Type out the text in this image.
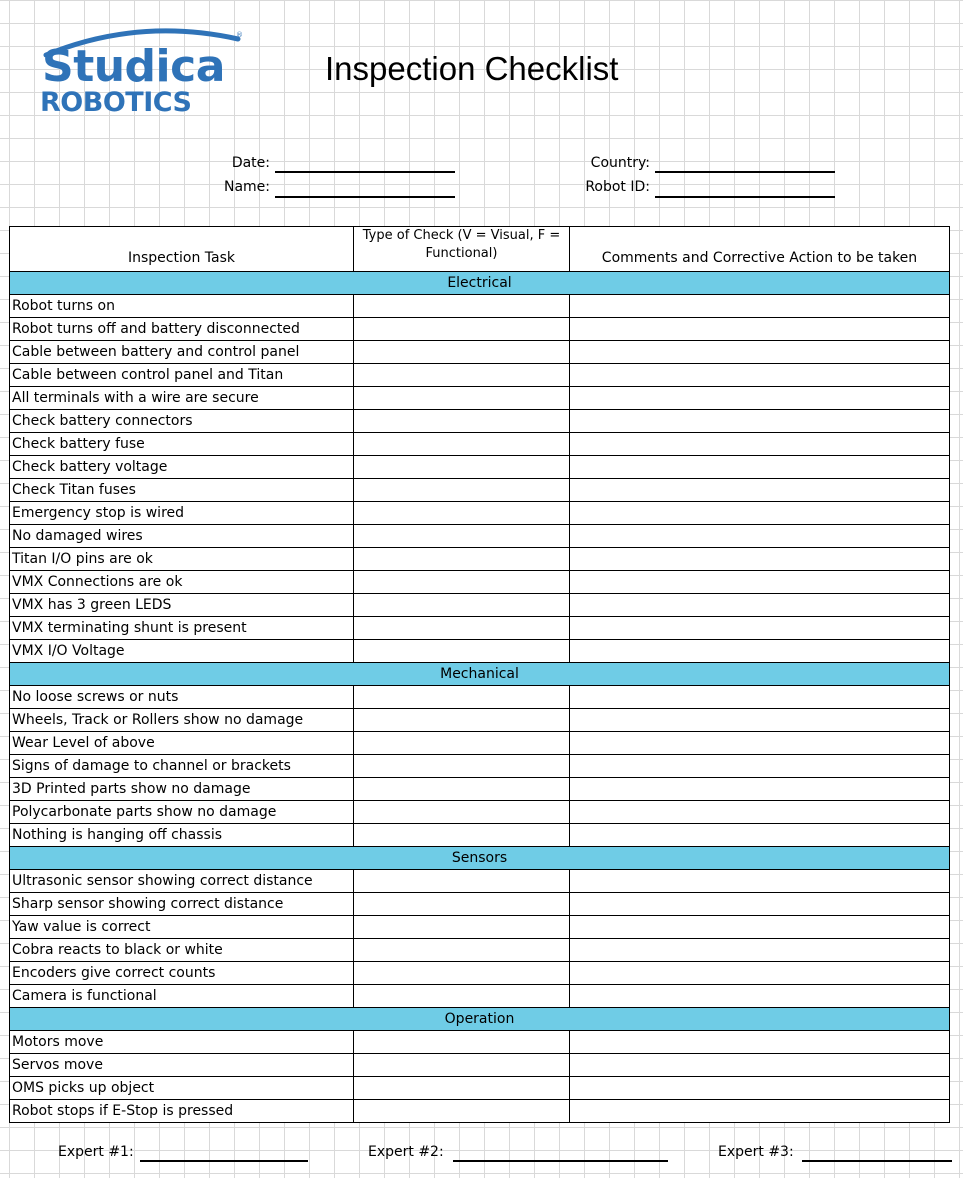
®
Studica
ROBOTICS
Inspection Checklist
Date:
Name:
Country:
Robot ID:
Inspection Task	Type of Check (V = Visual, F = Functional)	Comments and Corrective Action to be taken
Electrical		
Robot turns on		
Robot turns off and battery disconnected		
Cable between battery and control panel		
Cable between control panel and Titan		
All terminals with a wire are secure		
Check battery connectors		
Check battery fuse		
Check battery voltage		
Check Titan fuses		
Emergency stop is wired		
No damaged wires		
Titan I/O pins are ok		
VMX Connections are ok		
VMX has 3 green LEDS		
VMX terminating shunt is present		
VMX I/O Voltage		
Mechanical		
No loose screws or nuts		
Wheels, Track or Rollers show no damage		
Wear Level of above		
Signs of damage to channel or brackets		
3D Printed parts show no damage		
Polycarbonate parts show no damage		
Nothing is hanging off chassis		
Sensors		
Ultrasonic sensor showing correct distance		
Sharp sensor showing correct distance		
Yaw value is correct		
Cobra reacts to black or white		
Encoders give correct counts		
Camera is functional		
Operation		
Motors move		
Servos move		
OMS picks up object		
Robot stops if E-Stop is pressed		
Expert #1:	Expert #2:	Expert #3:
